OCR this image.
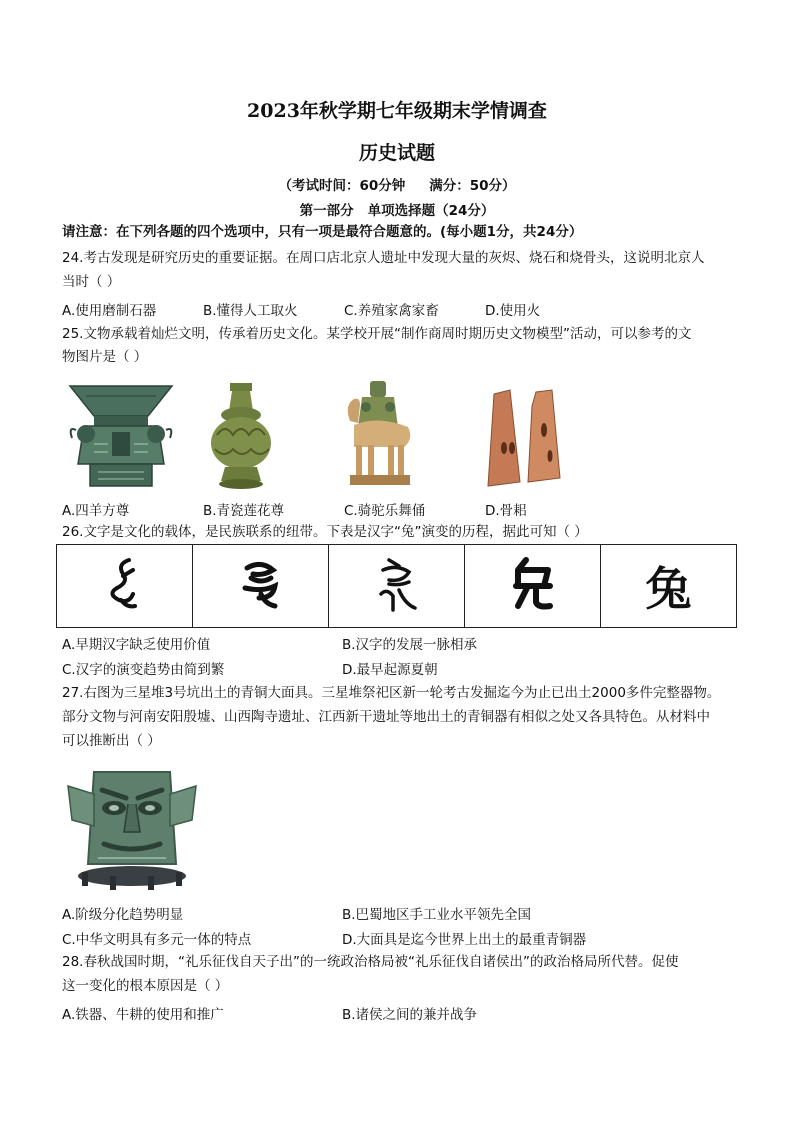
2023年秋学期七年级期末学情调查
历史试题
（考试时间：60分钟 满分：50分）
第一部分 单项选择题（24分）
请注意：在下列各题的四个选项中，只有一项是最符合题意的。(每小题1分，共24分）
24.考古发现是研究历史的重要证据。在周口店北京人遗址中发现大量的灰烬、烧石和烧骨头，这说明北京人
当时（ ）
A.使用磨制石器	B.懂得人工取火	C.养殖家禽家畜	D.使用火
25.文物承载着灿烂文明，传承着历史文化。某学校开展“制作商周时期历史文物模型”活动，可以参考的文
物图片是（ ）
A.四羊方尊	B.青瓷莲花尊	C.骑驼乐舞俑	D.骨耜
26.文字是文化的载体，是民族联系的纽带。下表是汉字“兔”演变的历程，据此可知（ ）
				兔
A.早期汉字缺乏使用价值	B.汉字的发展一脉相承
C.汉字的演变趋势由简到繁	D.最早起源夏朝
27.右图为三星堆3号坑出土的青铜大面具。三星堆祭祀区新一轮考古发掘迄今为止已出土2000多件完整器物。
部分文物与河南安阳殷墟、山西陶寺遗址、江西新干遗址等地出土的青铜器有相似之处又各具特色。从材料中
可以推断出（ ）
A.阶级分化趋势明显	B.巴蜀地区手工业水平领先全国
C.中华文明具有多元一体的特点	D.大面具是迄今世界上出土的最重青铜器
28.春秋战国时期，“礼乐征伐自天子出”的一统政治格局被“礼乐征伐自诸侯出”的政治格局所代替。促使
这一变化的根本原因是（ ）
A.铁器、牛耕的使用和推广	B.诸侯之间的兼并战争
